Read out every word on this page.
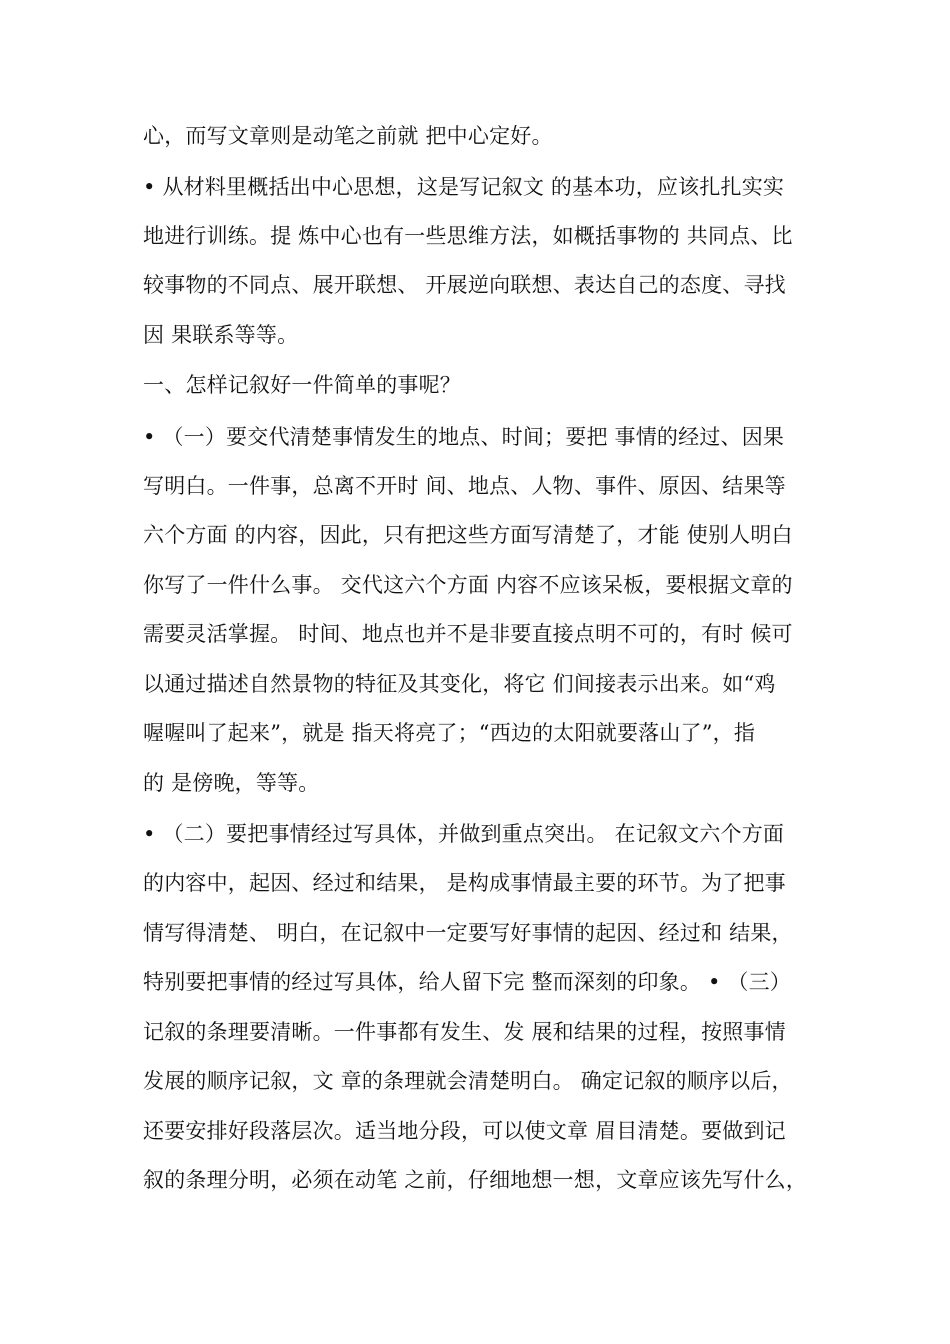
心，而写文章则是动笔之前就 把中心定好。
• 从材料里概括出中心思想，这是写记叙文 的基本功，应该扎扎实实
地进行训练。提 炼中心也有一些思维方法，如概括事物的 共同点、比
较事物的不同点、展开联想、 开展逆向联想、表达自己的态度、寻找
因 果联系等等。
一、怎样记叙好一件简单的事呢？
• （一）要交代清楚事情发生的地点、时间；要把 事情的经过、因果
写明白。一件事，总离不开时 间、地点、人物、事件、原因、结果等
六个方面 的内容，因此，只有把这些方面写清楚了，才能 使别人明白
你写了一件什么事。 交代这六个方面 内容不应该呆板，要根据文章的
需要灵活掌握。 时间、地点也并不是非要直接点明不可的，有时 候可
以通过描述自然景物的特征及其变化，将它 们间接表示出来。如“鸡
喔喔叫了起来”，就是 指天将亮了；“西边的太阳就要落山了”，指
的 是傍晚，等等。
• （二）要把事情经过写具体，并做到重点突出。 在记叙文六个方面
的内容中，起因、经过和结果， 是构成事情最主要的环节。为了把事
情写得清楚、 明白，在记叙中一定要写好事情的起因、经过和 结果，
特别要把事情的经过写具体，给人留下完 整而深刻的印象。 • （三）
记叙的条理要清晰。一件事都有发生、发 展和结果的过程，按照事情
发展的顺序记叙，文 章的条理就会清楚明白。 确定记叙的顺序以后，
还要安排好段落层次。适当地分段，可以使文章 眉目清楚。要做到记
叙的条理分明，必须在动笔 之前，仔细地想一想，文章应该先写什么，
